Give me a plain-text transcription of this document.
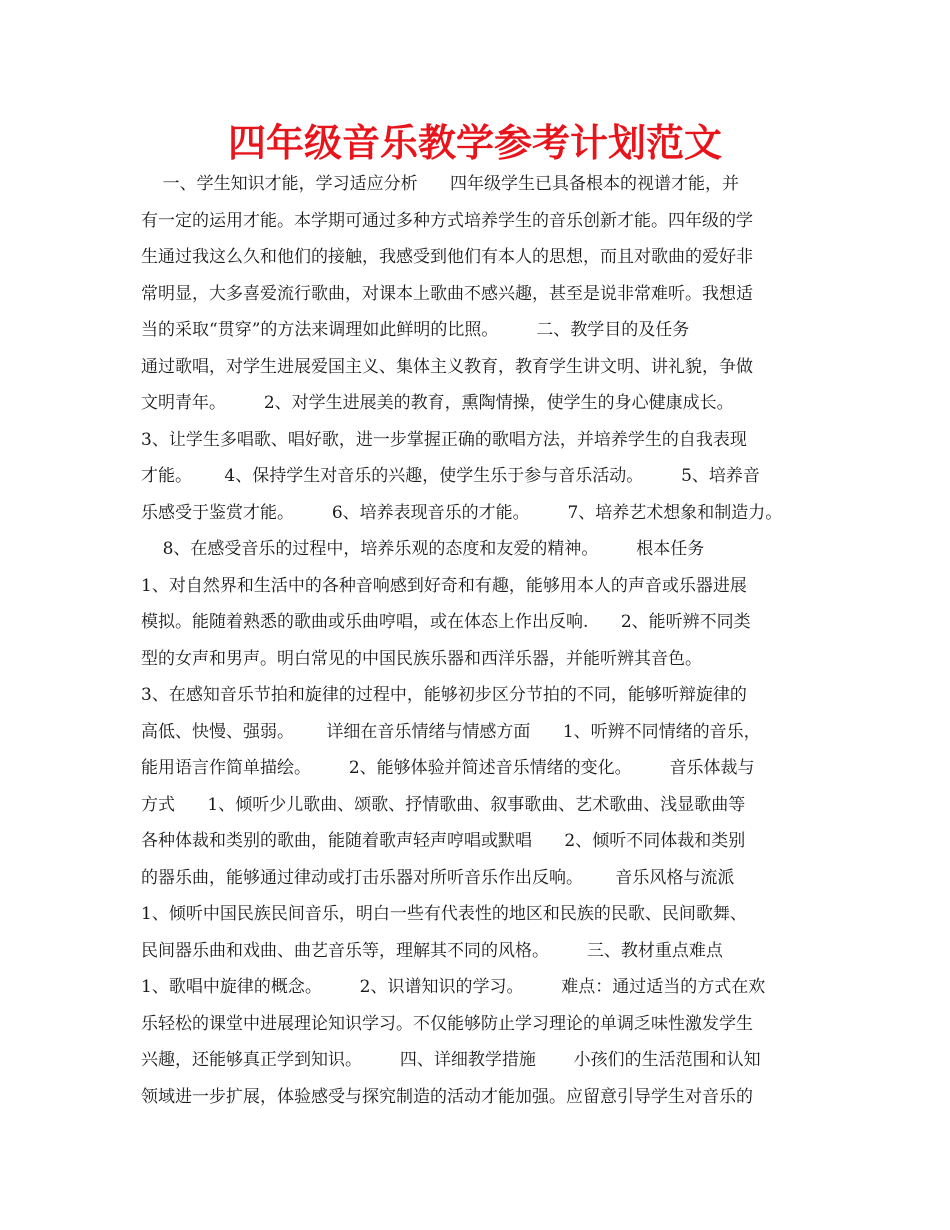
四年级音乐教学参考计划范文
一、学生知识才能，学习适应分析      四年级学生已具备根本的视谱才能，并
有一定的运用才能。本学期可通过多种方式培养学生的音乐创新才能。四年级的学
生通过我这么久和他们的接触，我感受到他们有本人的思想，而且对歌曲的爱好非
常明显，大多喜爱流行歌曲，对课本上歌曲不感兴趣，甚至是说非常难听。我想适
当的采取“贯穿”的方法来调理如此鲜明的比照。       二、教学目的及任务
通过歌唱，对学生进展爱国主义、集体主义教育，教育学生讲文明、讲礼貌，争做
文明青年。       2、对学生进展美的教育，熏陶情操，使学生的身心健康成长。
3、让学生多唱歌、唱好歌，进一步掌握正确的歌唱方法，并培养学生的自我表现
才能。      4、保持学生对音乐的兴趣，使学生乐于参与音乐活动。       5、培养音
乐感受于鉴赏才能。       6、培养表现音乐的才能。       7、培养艺术想象和制造力。
8、在感受音乐的过程中，培养乐观的态度和友爱的精神。       根本任务
1、对自然界和生活中的各种音响感到好奇和有趣，能够用本人的声音或乐器进展
模拟。能随着熟悉的歌曲或乐曲哼唱，或在体态上作出反响.      2、能听辨不同类
型的女声和男声。明白常见的中国民族乐器和西洋乐器，并能听辨其音色。
3、在感知音乐节拍和旋律的过程中，能够初步区分节拍的不同，能够听辩旋律的
高低、快慢、强弱。      详细在音乐情绪与情感方面      1、听辨不同情绪的音乐，
能用语言作简单描绘。       2、能够体验并简述音乐情绪的变化。       音乐体裁与
方式      1、倾听少儿歌曲、颂歌、抒情歌曲、叙事歌曲、艺术歌曲、浅显歌曲等
各种体裁和类别的歌曲，能随着歌声轻声哼唱或默唱      2、倾听不同体裁和类别
的器乐曲，能够通过律动或打击乐器对所听音乐作出反响。      音乐风格与流派
1、倾听中国民族民间音乐，明白一些有代表性的地区和民族的民歌、民间歌舞、
民间器乐曲和戏曲、曲艺音乐等，理解其不同的风格。       三、教材重点难点
1、歌唱中旋律的概念。       2、识谱知识的学习。       难点：通过适当的方式在欢
乐轻松的课堂中进展理论知识学习。不仅能够防止学习理论的单调乏味性激发学生
兴趣，还能够真正学到知识。       四、详细教学措施       小孩们的生活范围和认知
领域进一步扩展，体验感受与探究制造的活动才能加强。应留意引导学生对音乐的
